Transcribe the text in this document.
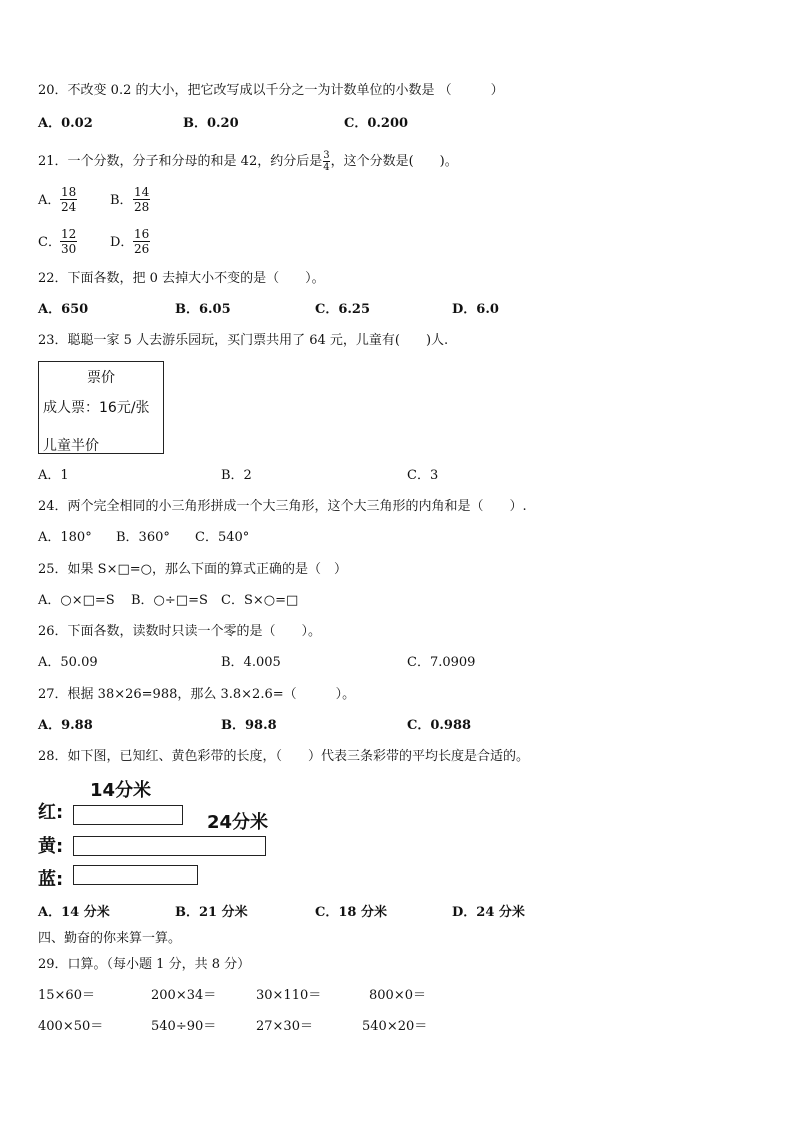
20．不改变 0.2 的大小，把它改写成以千分之一为计数单位的小数是 （　　　）
A．0.02	B．0.20	C．0.200
21．一个分数，分子和分母的和是 42，约分后是 $\frac{3}{4}$ ，这个分数是(　　)。
A． $\frac{18}{24}$	B． $\frac{14}{28}$
C． $\frac{12}{30}$	D． $\frac{16}{26}$
22．下面各数，把 0 去掉大小不变的是（　　）。
A．650	B．6.05	C．6.25	D．6.0
23．聪聪一家 5 人去游乐园玩，买门票共用了 64 元，儿童有(　　)人.
票价
成人票：16元/张
儿童半价
A．1	B．2	C．3
24．两个完全相同的小三角形拼成一个大三角形，这个大三角形的内角和是（　　）.
A．180° B．360° C．540°
25．如果 S×□=○，那么下面的算式正确的是（　）
A．○×□=S B．○÷□=S C．S×○=□
26．下面各数，读数时只读一个零的是（　　）。
A．50.09	B．4.005	C．7.0909
27．根据 38×26=988，那么 3.8×2.6=（　　　）。
A．9.88	B．98.8	C．0.988
28．如下图，已知红、黄色彩带的长度，（　　）代表三条彩带的平均长度是合适的。
14分米
24分米
红:
黄:
蓝:
A．14 分米	B．21 分米	C．18 分米	D．24 分米
四、勤奋的你来算一算。
29．口算。（每小题 1 分，共 8 分）
15×60＝	200×34＝	30×110＝	800×0＝
400×50＝	540÷90＝	27×30＝	540×20＝
